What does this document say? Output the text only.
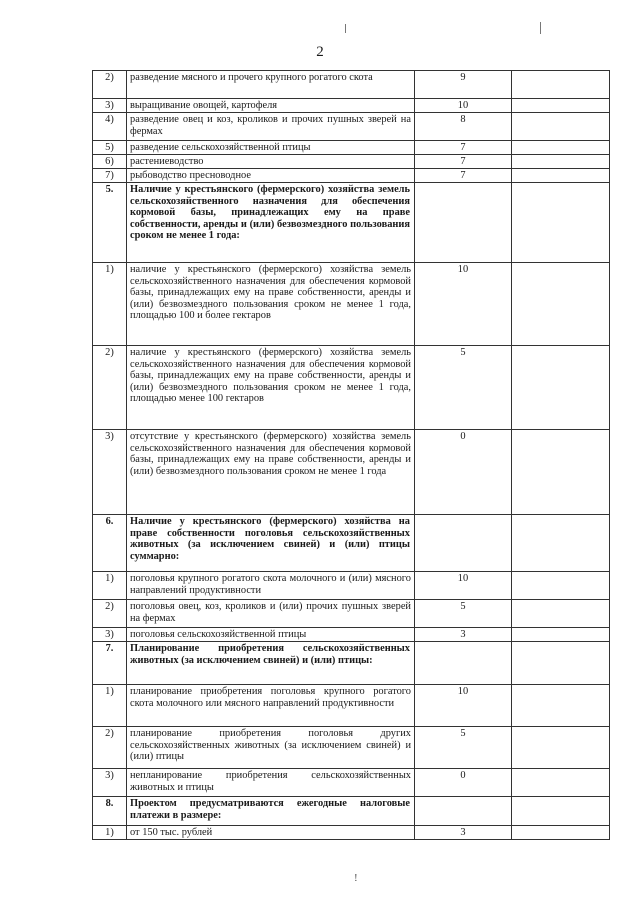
2
2)	разведение мясного и прочего крупного рогатого скота	9	
3)	выращивание овощей, картофеля	10	
4)	разведение овец и коз, кроликов и прочих пушных зверей на фермах	8	
5)	разведение сельскохозяйственной птицы	7	
6)	растениеводство	7	
7)	рыбоводство пресноводное	7	
5.	Наличие у крестьянского (фермерского) хозяйства земель сельскохозяйственного назначения для обеспечения кормовой базы, принадлежащих ему на праве собственности, аренды и (или) безвозмездного пользования сроком не менее 1 года:		
1)	наличие у крестьянского (фермерского) хозяйства земель сельскохозяйственного назначения для обеспечения кормовой базы, принадлежащих ему на праве собственности, аренды и (или) безвозмездного пользования сроком не менее 1 года, площадью 100 и более гектаров	10	
2)	наличие у крестьянского (фермерского) хозяйства земель сельскохозяйственного назначения для обеспечения кормовой базы, принадлежащих ему на праве собственности, аренды и (или) безвозмездного пользования сроком не менее 1 года, площадью менее 100 гектаров	5	
3)	отсутствие у крестьянского (фермерского) хозяйства земель сельскохозяйственного назначения для обеспечения кормовой базы, принадлежащих ему на праве собственности, аренды и (или) безвозмездного пользования сроком не менее 1 года	0	
6.	Наличие у крестьянского (фермерского) хозяйства на праве собственности поголовья сельскохозяйственных животных (за исключением свиней) и (или) птицы суммарно:		
1)	поголовья крупного рогатого скота молочного и (или) мясного направлений продуктивности	10	
2)	поголовья овец, коз, кроликов и (или) прочих пушных зверей на фермах	5	
3)	поголовья сельскохозяйственной птицы	3	
7.	Планирование приобретения сельскохозяйственных животных (за исключением свиней) и (или) птицы:		
1)	планирование приобретения поголовья крупного рогатого скота молочного или мясного направлений продуктивности	10	
2)	планирование приобретения поголовья других сельскохозяйственных животных (за исключением свиней) и (или) птицы	5	
3)	непланирование приобретения сельскохозяйственных животных и птицы	0	
8.	Проектом предусматриваются ежегодные налоговые платежи в размере:		
1)	от 150 тыс. рублей	3	
!
